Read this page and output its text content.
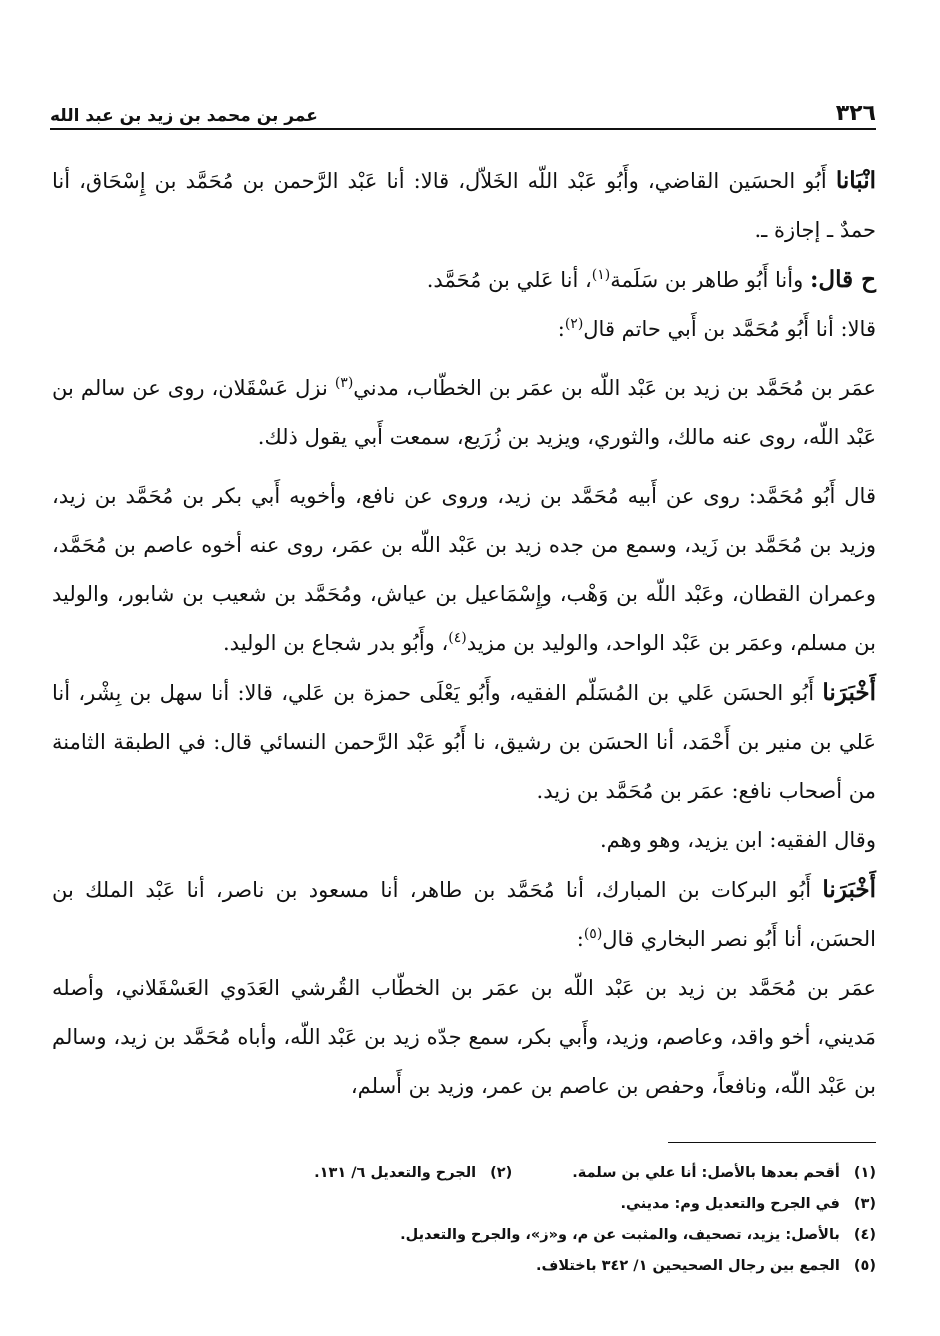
٣٢٦
عمر بن محمد بن زيد بن عبد الله

انْبَانا أَبُو الحسَين القاضي، وأَبُو عَبْد اللّه الخَلاّل، قالا: أنا عَبْد الرَّحمن بن مُحَمَّد بن إِسْحَاق، أنا حمدٌ ـ إجازة ـ.

ح قال: وأنا أَبُو طاهر بن سَلَمة$^{(١)}$، أنا عَلي بن مُحَمَّد.

قالا: أنا أَبُو مُحَمَّد بن أَبي حاتم قال$^{(٢)}$:

عمَر بن مُحَمَّد بن زيد بن عَبْد اللّه بن عمَر بن الخطّاب، مدني$^{(٣)}$ نزل عَسْقَلان، روى عن سالم بن عَبْد اللّه، روى عنه مالك، والثوري، ويزيد بن زُرَيع، سمعت أَبي يقول ذلك.

قال أَبُو مُحَمَّد: روى عن أَبيه مُحَمَّد بن زيد، وروى عن نافع، وأخويه أَبي بكر بن مُحَمَّد بن زيد، وزيد بن مُحَمَّد بن زَيد، وسمع من جده زيد بن عَبْد اللّه بن عمَر، روى عنه أخوه عاصم بن مُحَمَّد، وعمران القطان، وعَبْد اللّه بن وَهْب، وإِسْمَاعيل بن عياش، ومُحَمَّد بن شعيب بن شابور، والوليد بن مسلم، وعمَر بن عَبْد الواحد، والوليد بن مزيد$^{(٤)}$، وأَبُو بدر شجاع بن الوليد.

أَخْبَرَنا أَبُو الحسَن عَلي بن المُسَلّم الفقيه، وأَبُو يَعْلَى حمزة بن عَلي، قالا: أنا سهل بن بِشْر، أنا عَلي بن منير بن أَحْمَد، أنا الحسَن بن رشيق، نا أَبُو عَبْد الرَّحمن النسائي قال: في الطبقة الثامنة من أصحاب نافع: عمَر بن مُحَمَّد بن زيد.

وقال الفقيه: ابن يزيد، وهو وهم.

أَخْبَرَنا أَبُو البركات بن المبارك، أنا مُحَمَّد بن طاهر، أنا مسعود بن ناصر، أنا عَبْد الملك بن الحسَن، أنا أَبُو نصر البخاري قال$^{(٥)}$:

عمَر بن مُحَمَّد بن زيد بن عَبْد اللّه بن عمَر بن الخطّاب القُرشي العَدَوي العَسْقَلاني، وأصله مَديني، أخو واقد، وعاصم، وزيد، وأَبي بكر، سمع جدّه زيد بن عَبْد اللّه، وأباه مُحَمَّد بن زيد، وسالم بن عَبْد اللّه، ونافعاً، وحفص بن عاصم بن عمر، وزيد بن أَسلم،

(١)أقحم بعدها بالأصل: أنا علي بن سلمة.
(٢)الجرح والتعديل ٦/ ١٣١.
(٣)في الجرح والتعديل وم: مديني.
(٤)بالأصل: يزيد، تصحيف، والمثبت عن م، و«ز»، والجرح والتعديل.
(٥)الجمع بين رجال الصحيحين ١/ ٣٤٢ باختلاف.
